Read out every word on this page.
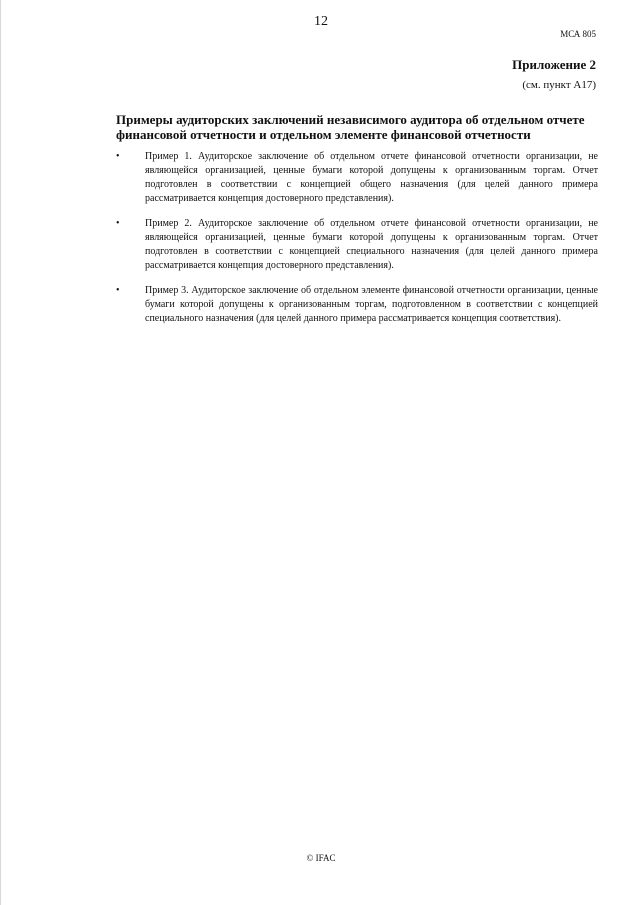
12
МСА 805
Приложение 2
(см. пункт А17)
Примеры аудиторских заключений независимого аудитора об отдельном отчете финансовой отчетности и отдельном элементе финансовой отчетности
•	Пример 1. Аудиторское заключение об отдельном отчете финансовой отчетности организации, не являющейся организацией, ценные бумаги которой допущены к организованным торгам. Отчет подготовлен в соответствии с концепцией общего назначения (для целей данного примера рассматривается концепция достоверного представления).
•	Пример 2. Аудиторское заключение об отдельном отчете финансовой отчетности организации, не являющейся организацией, ценные бумаги которой допущены к организованным торгам. Отчет подготовлен в соответствии с концепцией специального назначения (для целей данного примера рассматривается концепция достоверного представления).
•	Пример 3. Аудиторское заключение об отдельном элементе финансовой отчетности организации, ценные бумаги которой допущены к организованным торгам, подготовленном в соответствии с концепцией специального назначения (для целей данного примера рассматривается концепция соответствия).
© IFAC
